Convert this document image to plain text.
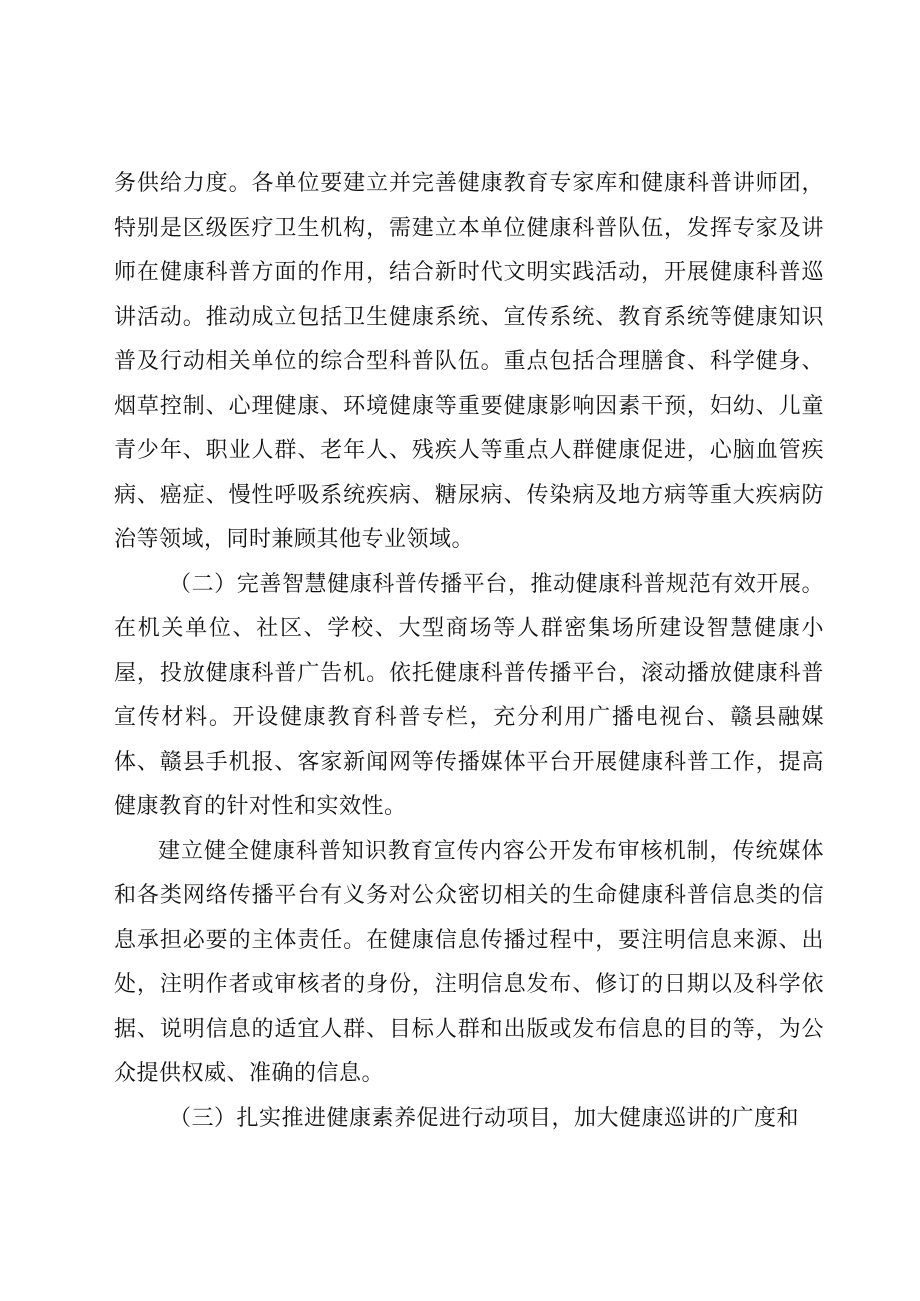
务供给力度。各单位要建立并完善健康教育专家库和健康科普讲师团，特别是区级医疗卫生机构，需建立本单位健康科普队伍，发挥专家及讲师在健康科普方面的作用，结合新时代文明实践活动，开展健康科普巡讲活动。推动成立包括卫生健康系统、宣传系统、教育系统等健康知识普及行动相关单位的综合型科普队伍。重点包括合理膳食、科学健身、烟草控制、心理健康、环境健康等重要健康影响因素干预，妇幼、儿童青少年、职业人群、老年人、残疾人等重点人群健康促进，心脑血管疾病、癌症、慢性呼吸系统疾病、糖尿病、传染病及地方病等重大疾病防治等领域，同时兼顾其他专业领域。

（二）完善智慧健康科普传播平台，推动健康科普规范有效开展。在机关单位、社区、学校、大型商场等人群密集场所建设智慧健康小屋，投放健康科普广告机。依托健康科普传播平台，滚动播放健康科普宣传材料。开设健康教育科普专栏，充分利用广播电视台、赣县融媒体、赣县手机报、客家新闻网等传播媒体平台开展健康科普工作，提高健康教育的针对性和实效性。

建立健全健康科普知识教育宣传内容公开发布审核机制，传统媒体和各类网络传播平台有义务对公众密切相关的生命健康科普信息类的信息承担必要的主体责任。在健康信息传播过程中，要注明信息来源、出处，注明作者或审核者的身份，注明信息发布、修订的日期以及科学依据、说明信息的适宜人群、目标人群和出版或发布信息的目的等，为公众提供权威、准确的信息。

（三）扎实推进健康素养促进行动项目，加大健康巡讲的广度和
